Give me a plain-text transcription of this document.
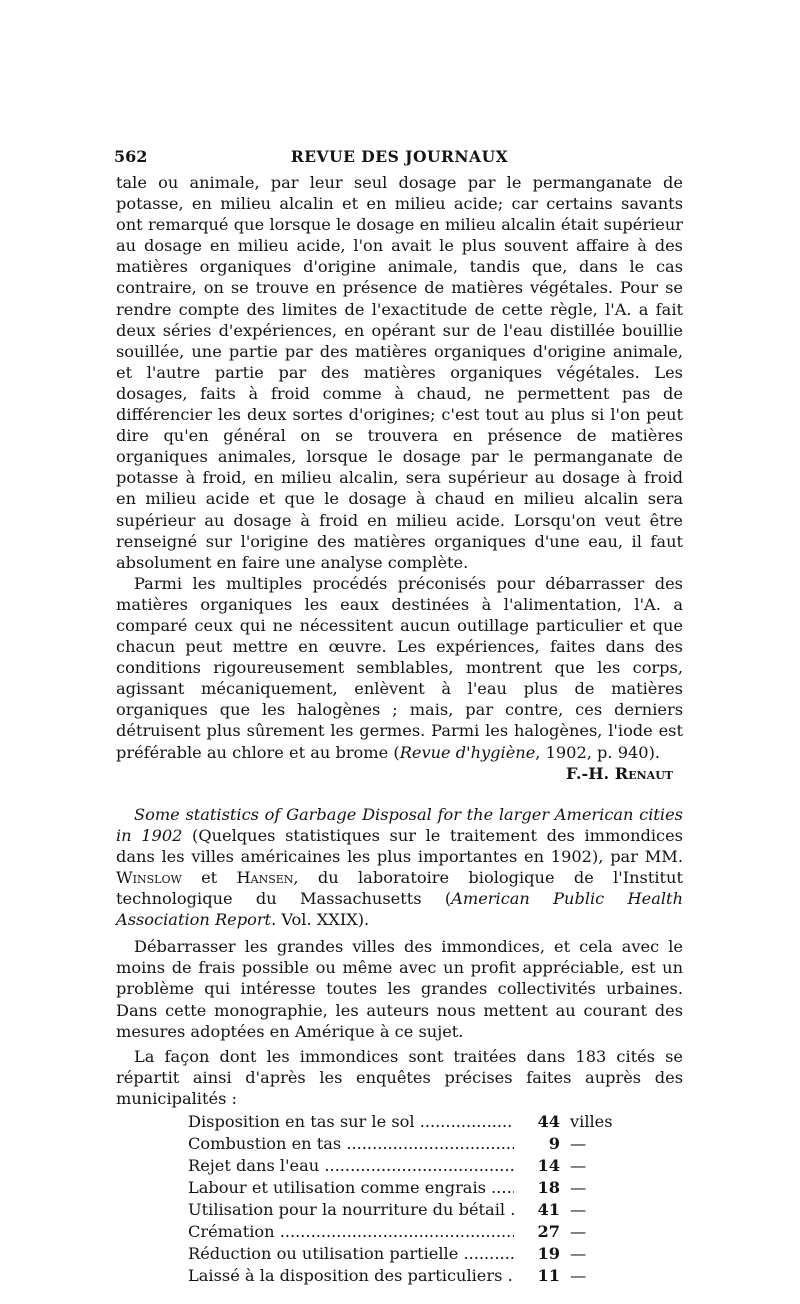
562	REVUE DES JOURNAUX

tale ou animale, par leur seul dosage par le permanganate de potasse, en milieu alcalin et en milieu acide; car certains savants ont remarqué que lorsque le dosage en milieu alcalin était supérieur au dosage en milieu acide, l'on avait le plus souvent affaire à des matières organiques d'origine animale, tandis que, dans le cas contraire, on se trouve en présence de matières végétales. Pour se rendre compte des limites de l'exactitude de cette règle, l'A. a fait deux séries d'expériences, en opérant sur de l'eau distillée bouillie souillée, une partie par des matières organiques d'origine animale, et l'autre partie par des matières organiques végétales. Les dosages, faits à froid comme à chaud, ne permettent pas de différencier les deux sortes d'origines; c'est tout au plus si l'on peut dire qu'en général on se trouvera en présence de matières organiques animales, lorsque le dosage par le permanganate de potasse à froid, en milieu alcalin, sera supérieur au dosage à froid en milieu acide et que le dosage à chaud en milieu alcalin sera supérieur au dosage à froid en milieu acide. Lorsqu'on veut être renseigné sur l'origine des matières organiques d'une eau, il faut absolument en faire une analyse complète.

Parmi les multiples procédés préconisés pour débarrasser des matières organiques les eaux destinées à l'alimentation, l'A. a comparé ceux qui ne nécessitent aucun outillage particulier et que chacun peut mettre en œuvre. Les expériences, faites dans des conditions rigoureusement semblables, montrent que les corps, agissant mécaniquement, enlèvent à l'eau plus de matières organiques que les halogènes ; mais, par contre, ces derniers détruisent plus sûrement les germes. Parmi les halogènes, l'iode est préférable au chlore et au brome (Revue d'hygiène, 1902, p. 940).

F.-H. Renaut

Some statistics of Garbage Disposal for the larger American cities in 1902 (Quelques statistiques sur le traitement des immondices dans les villes américaines les plus importantes en 1902), par MM. Winslow et Hansen, du laboratoire biologique de l'Institut technologique du Massachusetts (American Public Health Association Report. Vol. XXIX).

Débarrasser les grandes villes des immondices, et cela avec le moins de frais possible ou même avec un profit appréciable, est un problème qui intéresse toutes les grandes collectivités urbaines. Dans cette monographie, les auteurs nous mettent au courant des mesures adoptées en Amérique à ce sujet.

La façon dont les immondices sont traitées dans 183 cités se répartit ainsi d'après les enquêtes précises faites auprès des municipalités :

Disposition en tas sur le sol .....	44 villes
Combustion en tas .....	9 —
Rejet dans l'eau .....	14 —
Labour et utilisation comme engrais .....	18 —
Utilisation pour la nourriture du bétail .....	41 —
Crémation .....	27 —
Réduction ou utilisation partielle .....	19 —
Laissé à la disposition des particuliers .....	11 —
